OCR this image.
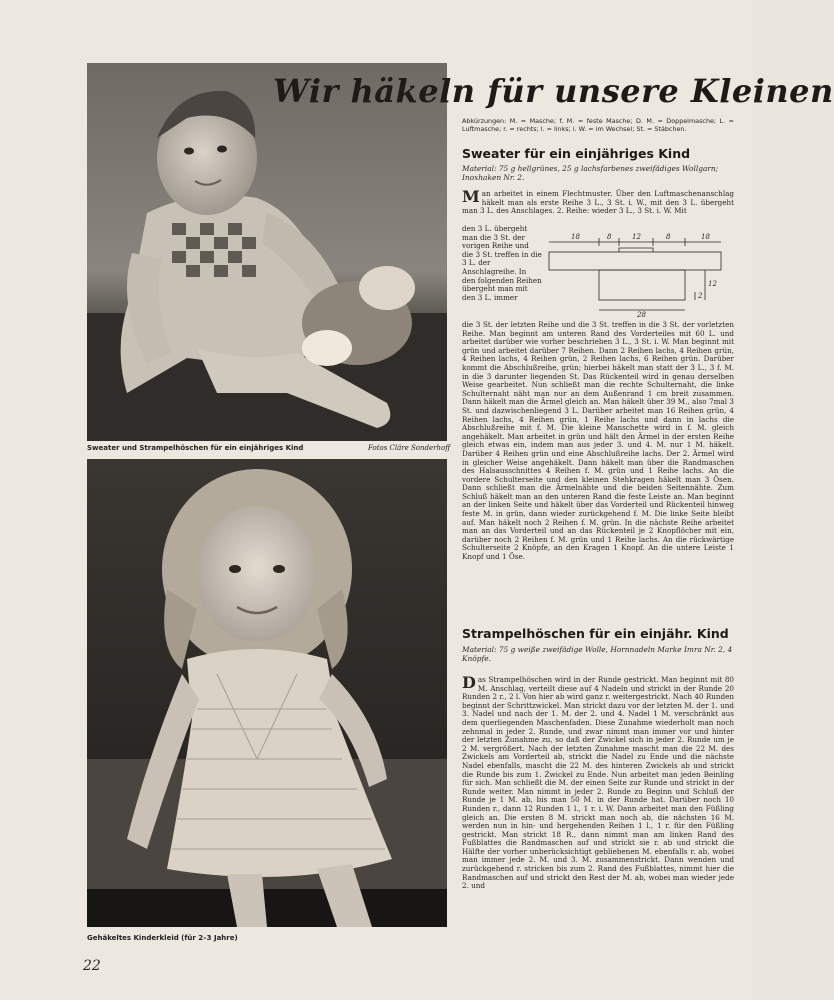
Sweater und Strampelhöschen für ein einjähriges Kind	Fotos Cläre Sonderhoff
Gehäkeltes Kinderkleid (für 2–3 Jahre)
Wir häkeln für unsere Kleinen
Abkürzungen: M. = Masche; f. M. = feste Masche; D. M. = Doppelmasche; L. = Luftmasche; r. = rechts; l. = links; i. W. = im Wechsel; St. = Stäbchen.
Sweater für ein einjähriges Kind
Material: 75 g hellgrünes, 25 g lachsfarbenes zweifädiges Wollgarn; Inoxhaken Nr. 2.
Man arbeitet in einem Flechtmuster. Über den Luftmaschenanschlag häkelt man als erste Reihe 3 L., 3 St. i. W., mit den 3 L. übergeht man 3 L. des Anschlages. 2. Reihe: wieder 3 L., 3 St. i. W. Mit
den 3 L. übergeht man die 3 St. der vorigen Reihe und die 3 St. treffen in die 3 L. der Anschlagreihe. In den folgenden Reihen übergeht man mit den 3 L. immer
18	8	12	8	18
12
2
28
die 3 St. der letzten Reihe und die 3 St. treffen in die 3 St. der vorletzten Reihe. Man beginnt am unteren Rand des Vorderteiles mit 60 L. und arbeitet darüber wie vorher beschrieben 3 L., 3 St. i. W. Man beginnt mit grün und arbeitet darüber 7 Reihen. Dann 2 Reihen lachs, 4 Reihen grün, 4 Reihen lachs, 4 Reihen grün, 2 Reihen lachs, 6 Reihen grün. Darüber kommt die Abschlußreihe, grün; hierbei häkelt man statt der 3 L., 3 f. M. in die 3 darunter liegenden St. Das Rückenteil wird in genau derselben Weise gearbeitet. Nun schließt man die rechte Schulternaht, die linke Schulternaht näht man nur an dem Außenrand 1 cm breit zusammen. Dann häkelt man die Ärmel gleich an. Man häkelt über 39 M., also 7mal 3 St. und dazwischenliegend 3 L. Darüber arbeitet man 16 Reihen grün, 4 Reihen lachs, 4 Reihen grün, 1 Reihe lachs und dann in lachs die Abschlußreihe mit f. M. Die kleine Manschette wird in f. M. gleich angehäkelt. Man arbeitet in grün und hält den Ärmel in der ersten Reihe gleich etwas ein, indem man aus jeder 3. und 4. M. nur 1 M. häkelt. Darüber 4 Reihen grün und eine Abschlußreihe lachs. Der 2. Ärmel wird in gleicher Weise angehäkelt. Dann häkelt man über die Randmaschen des Halsausschnittes 4 Reihen f. M. grün und 1 Reihe lachs. An die vordere Schulterseite und den kleinen Stehkragen häkelt man 3 Ösen. Dann schließt man die Ärmelnähte und die beiden Seitennähte. Zum Schluß häkelt man an den unteren Rand die feste Leiste an. Man beginnt an der linken Seite und häkelt über das Vorderteil und Rückenteil hinweg feste M. in grün, dann wieder zurückgehend f. M. Die linke Seite bleibt auf. Man häkelt noch 2 Reihen f. M. grün. In die nächste Reihe arbeitet man an das Vorderteil und an das Rückenteil je 2 Knopflöcher mit ein, darüber noch 2 Reihen f. M. grün und 1 Reihe lachs. An die rückwärtige Schulterseite 2 Knöpfe, an den Kragen 1 Knopf. An die untere Leiste 1 Knopf und 1 Öse.
Strampelhöschen für ein einjähr. Kind
Material: 75 g weiße zweifädige Wolle, Hornnadeln Marke Imra Nr. 2, 4 Knöpfe.
Das Strampelhöschen wird in der Runde gestrickt. Man beginnt mit 80 M. Anschlag, verteilt diese auf 4 Nadeln und strickt in der Runde 20 Runden 2 r., 2 l. Von hier ab wird ganz r. weitergestrickt. Nach 40 Runden beginnt der Schrittzwickel. Man strickt dazu vor der letzten M. der 1. und 3. Nadel und nach der 1. M. der 2. und 4. Nadel 1 M. verschränkt aus dem querliegenden Maschenfaden. Diese Zunahme wiederholt man noch zehnmal in jeder 2. Runde, und zwar nimmt man immer vor und hinter der letzten Zunahme zu, so daß der Zwickel sich in jeder 2. Runde um je 2 M. vergrößert. Nach der letzten Zunahme mascht man die 22 M. des Zwickels am Vorderteil ab, strickt die Nadel zu Ende und die nächste Nadel ebenfalls, mascht die 22 M. des hinteren Zwickels ab und strickt die Runde bis zum 1. Zwickel zu Ende. Nun arbeitet man jeden Beinling für sich. Man schließt die M. der einen Seite zur Runde und strickt in der Runde weiter. Man nimmt in jeder 2. Runde zu Beginn und Schluß der Runde je 1 M. ab, bis man 50 M. in der Runde hat. Darüber noch 10 Runden r., dann 12 Runden 1 l., 1 r. i. W. Dann arbeitet man den Füßling gleich an. Die ersten 8 M. strickt man noch ab, die nächsten 16 M. werden nun in hin- und hergehenden Reihen 1 l., 1 r. für den Füßling gestrickt. Man strickt 18 R., dann nimmt man am linken Rand des Fußblattes die Randmaschen auf und strickt sie r. ab und strickt die Hälfte der vorher unberücksichtigt gebliebenen M. ebenfalls r. ab, wobei man immer jede 2. M. und 3. M. zusammenstrickt. Dann wenden und zurückgehend r. stricken bis zum 2. Rand des Fußblattes, nimmt hier die Randmaschen auf und strickt den Rest der M. ab, wobei man wieder jede 2. und
22
